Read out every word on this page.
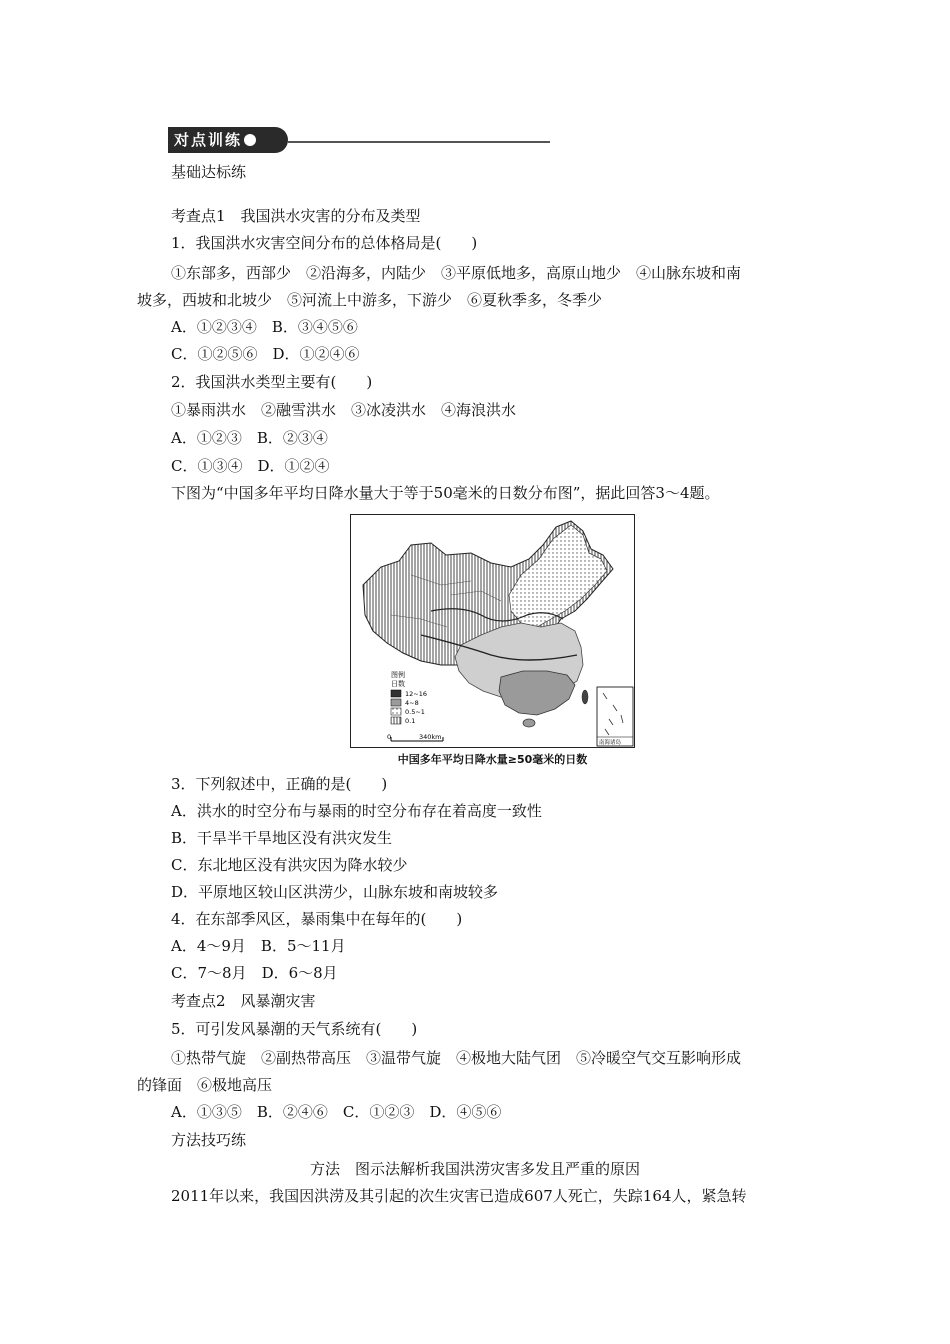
对点训练
基础达标练
考查点1　我国洪水灾害的分布及类型
1．我国洪水灾害空间分布的总体格局是(　　)
①东部多，西部少　②沿海多，内陆少　③平原低地多，高原山地少　④山脉东坡和南
坡多，西坡和北坡少　⑤河流上中游多，下游少　⑥夏秋季多，冬季少
A．①②③④　B．③④⑤⑥
C．①②⑤⑥　D．①②④⑥
2．我国洪水类型主要有(　　)
①暴雨洪水　②融雪洪水　③冰凌洪水　④海浪洪水
A．①②③　B．②③④
C．①③④　D．①②④
下图为“中国多年平均日降水量大于等于50毫米的日数分布图”，据此回答3～4题。
图例
日数
12~16
4~8
0.5~1
0.1
0	340km
南海诸岛
中国多年平均日降水量≥50毫米的日数
3．下列叙述中，正确的是(　　)
A．洪水的时空分布与暴雨的时空分布存在着高度一致性
B．干旱半干旱地区没有洪灾发生
C．东北地区没有洪灾因为降水较少
D．平原地区较山区洪涝少，山脉东坡和南坡较多
4．在东部季风区，暴雨集中在每年的(　　)
A．4～9月　B．5～11月
C．7～8月　D．6～8月
考查点2　风暴潮灾害
5．可引发风暴潮的天气系统有(　　)
①热带气旋　②副热带高压　③温带气旋　④极地大陆气团　⑤冷暖空气交互影响形成
的锋面　⑥极地高压
A．①③⑤　B．②④⑥　C．①②③　D．④⑤⑥
方法技巧练
方法　图示法解析我国洪涝灾害多发且严重的原因
2011年以来，我国因洪涝及其引起的次生灾害已造成607人死亡，失踪164人，紧急转
